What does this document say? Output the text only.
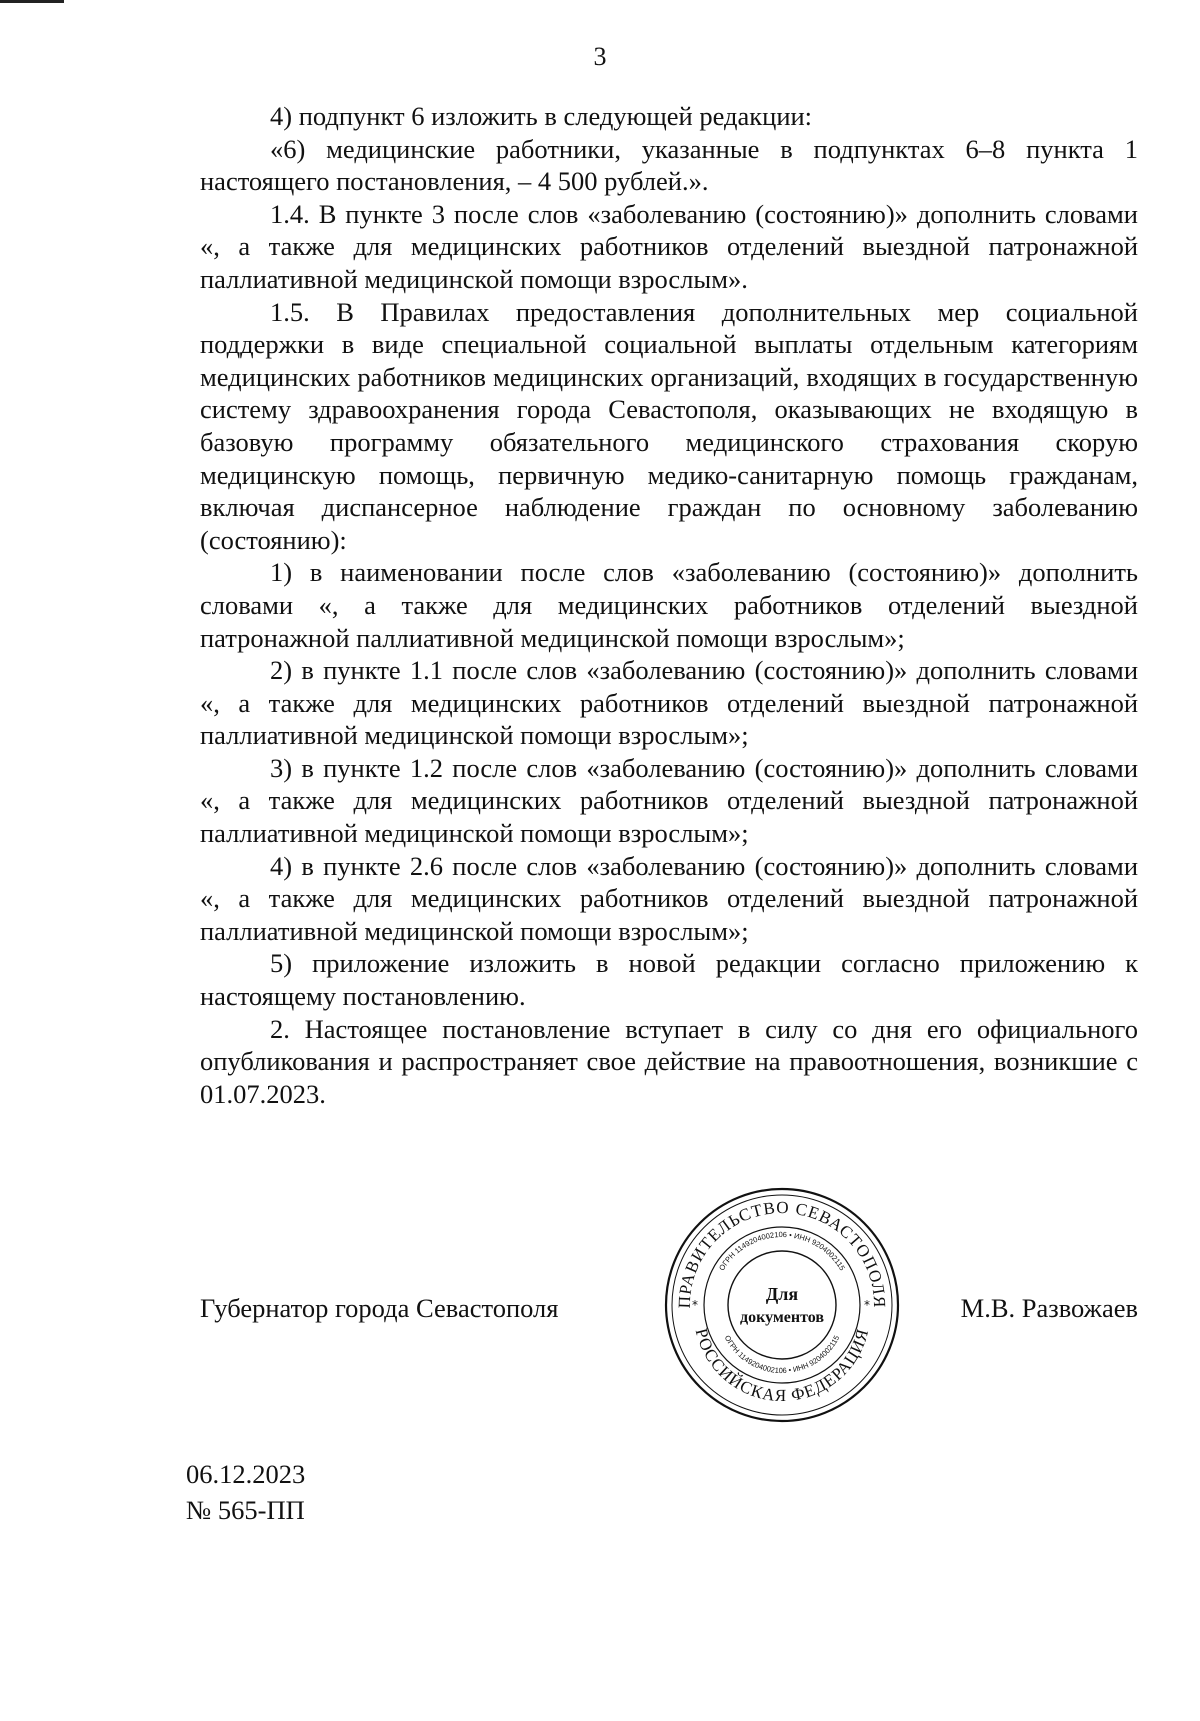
3

4) подпункт 6 изложить в следующей редакции:

«6) медицинские работники, указанные в подпунктах 6–8 пункта 1 настоящего постановления, – 4 500 рублей.».

1.4. В пункте 3 после слов «заболеванию (состоянию)» дополнить словами «, а также для медицинских работников отделений выездной патронажной паллиативной медицинской помощи взрослым».

1.5. В Правилах предоставления дополнительных мер социальной поддержки в виде специальной социальной выплаты отдельным категориям медицинских работников медицинских организаций, входящих в государственную систему здравоохранения города Севастополя, оказывающих не входящую в базовую программу обязательного медицинского страхования скорую медицинскую помощь, первичную медико-санитарную помощь гражданам, включая диспансерное наблюдение граждан по основному заболеванию (состоянию):

1) в наименовании после слов «заболеванию (состоянию)» дополнить словами «, а также для медицинских работников отделений выездной патронажной паллиативной медицинской помощи взрослым»;

2) в пункте 1.1 после слов «заболеванию (состоянию)» дополнить словами «, а также для медицинских работников отделений выездной патронажной паллиативной медицинской помощи взрослым»;

3) в пункте 1.2 после слов «заболеванию (состоянию)» дополнить словами «, а также для медицинских работников отделений выездной патронажной паллиативной медицинской помощи взрослым»;

4) в пункте 2.6 после слов «заболеванию (состоянию)» дополнить словами «, а также для медицинских работников отделений выездной патронажной паллиативной медицинской помощи взрослым»;

5) приложение изложить в новой редакции согласно приложению к настоящему постановлению.

2. Настоящее постановление вступает в силу со дня его официального опубликования и распространяет свое действие на правоотношения, возникшие с 01.07.2023.

Губернатор города Севастополя	М.В. Развожаев
ПРАВИТЕЛЬСТВО СЕВАСТОПОЛЯ
РОССИЙСКАЯ ФЕДЕРАЦИЯ
ОГРН 1149204002106 • ИНН 9204002115
ОГРН 1149204002106 • ИНН 9204002115
*	*
Для
документов
06.12.2023
№ 565-ПП
